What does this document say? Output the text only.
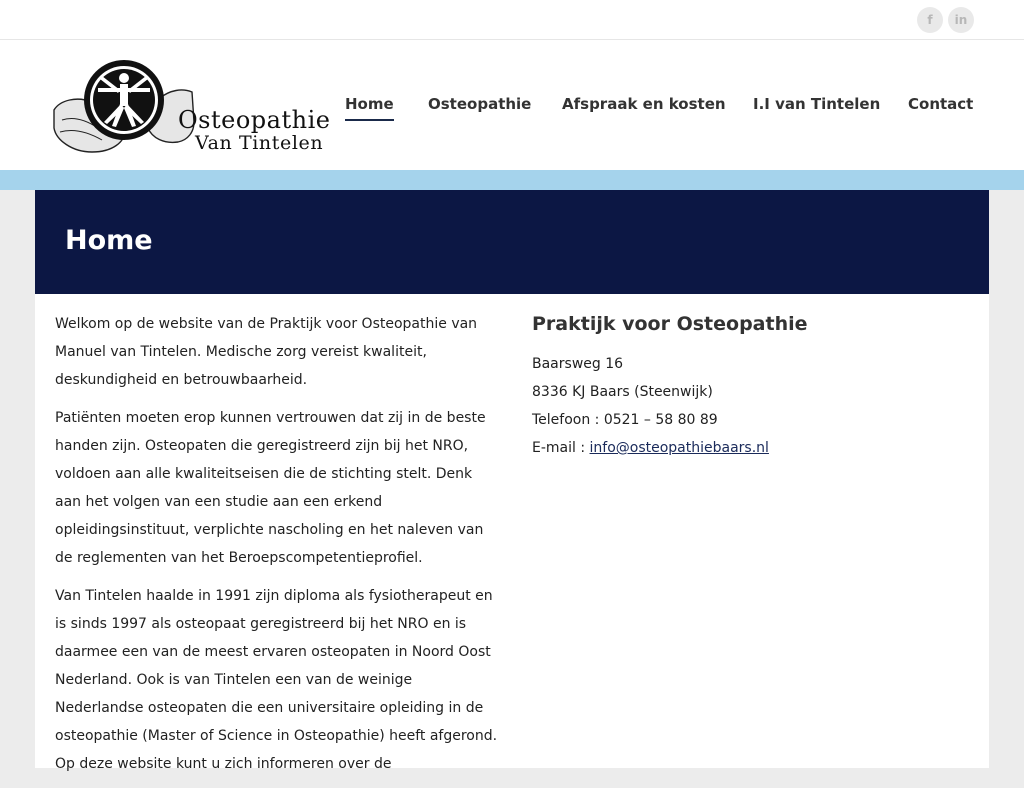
f in
Osteopathie
Van Tintelen
Home Osteopathie Afspraak en kosten I.I van Tintelen Contact
Home

Welkom op de website van de Praktijk voor Osteopathie van Manuel van Tintelen. Medische zorg vereist kwaliteit, deskundigheid en betrouwbaarheid.

Patiënten moeten erop kunnen vertrouwen dat zij in de beste handen zijn. Osteopaten die geregistreerd zijn bij het NRO, voldoen aan alle kwaliteitseisen die de stichting stelt. Denk aan het volgen van een studie aan een erkend opleidingsinstituut, verplichte nascholing en het naleven van de reglementen van het Beroepscompetentieprofiel.

Van Tintelen haalde in 1991 zijn diploma als fysiotherapeut en is sinds 1997 als osteopaat geregistreerd bij het NRO en is daarmee een van de meest ervaren osteopaten in Noord Oost Nederland. Ook is van Tintelen een van de weinige Nederlandse osteopaten die een universitaire opleiding in de osteopathie (Master of Science in Osteopathie) heeft afgerond. Op deze website kunt u zich informeren over de

Praktijk voor Osteopathie
Baarsweg 16
8336 KJ Baars (Steenwijk)
Telefoon : 0521 – 58 80 89
E-mail : info@osteopathiebaars.nl
